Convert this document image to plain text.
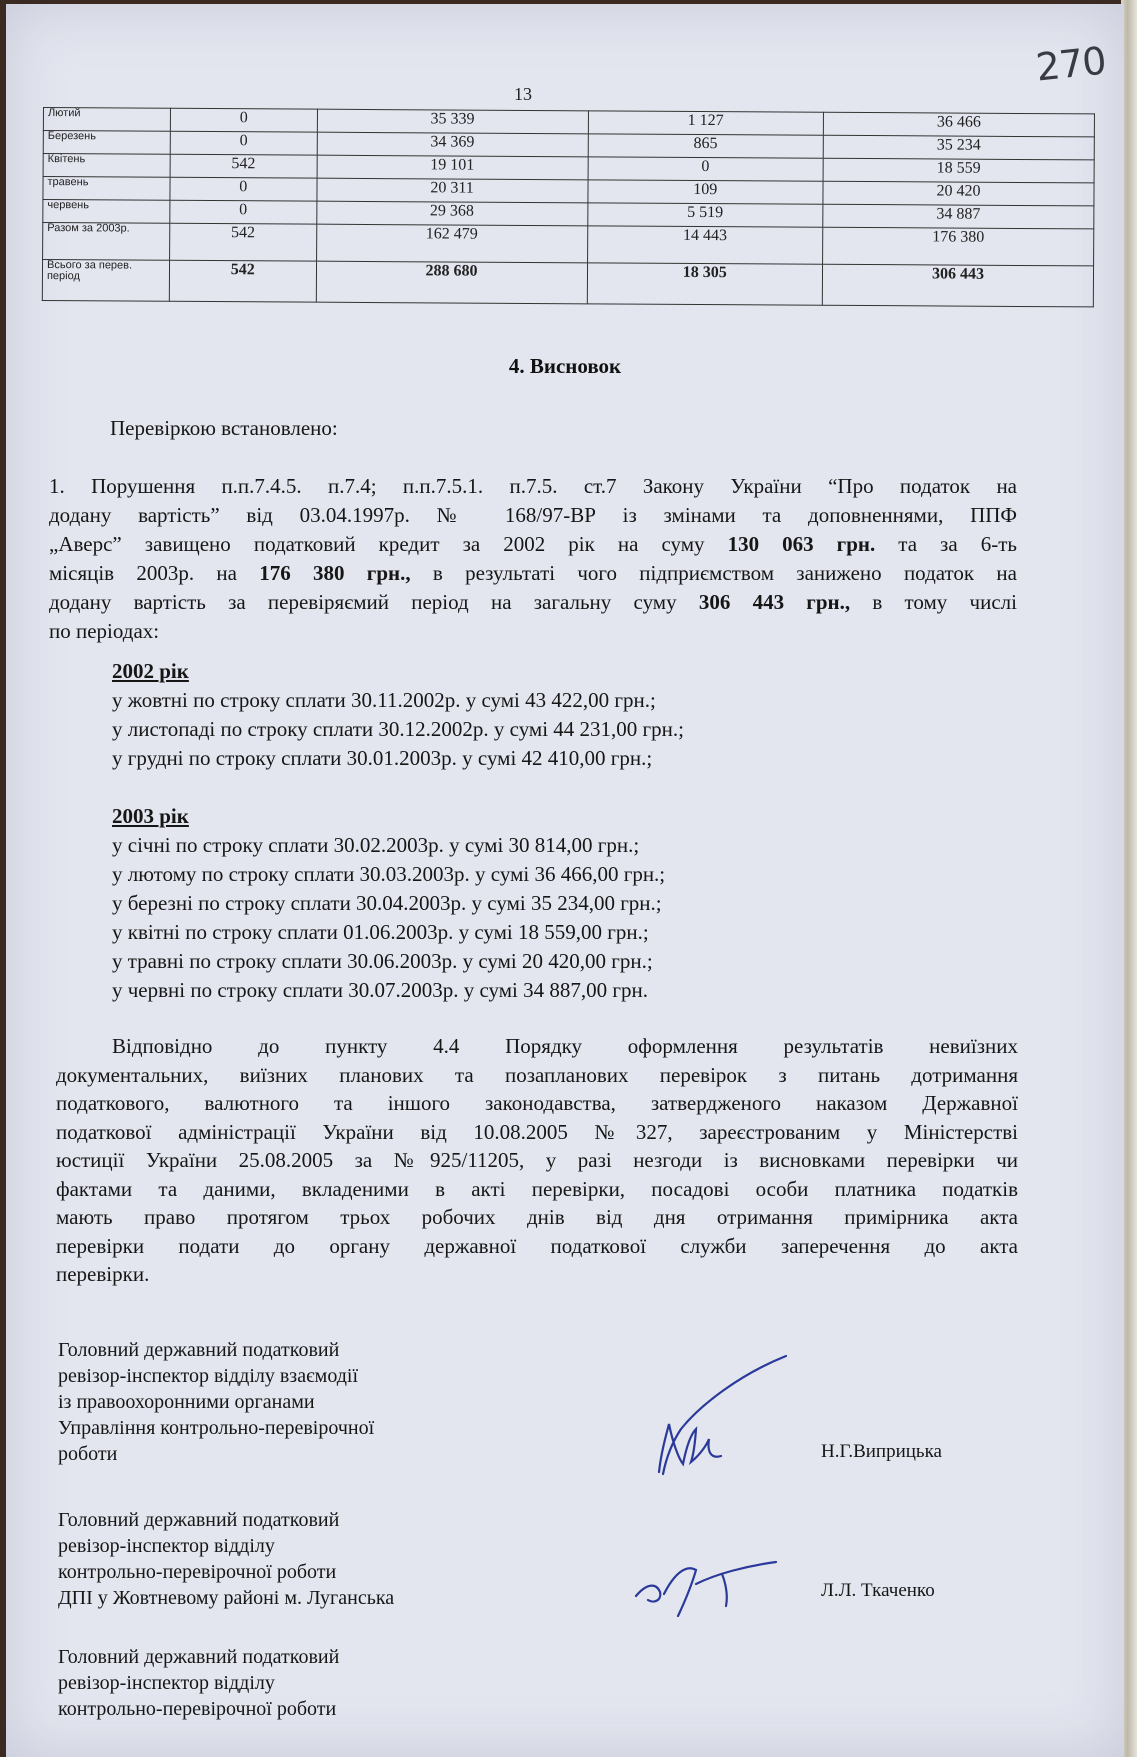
270
13
Лютий	0	35 339	1 127	36 466
Березень	0	34 369	865	35 234
Квітень	542	19 101	0	18 559
травень	0	20 311	109	20 420
червень	0	29 368	5 519	34 887
Разом за 2003р.	542	162 479	14 443	176 380
Всього за перев. період	542	288 680	18 305	306 443
4. Висновок
Перевіркою встановлено:

1. Порушення п.п.7.4.5. п.7.4; п.п.7.5.1. п.7.5. ст.7 Закону України “Про податок на

додану вартість” від 03.04.1997р. № 168/97-ВР із змінами та доповненнями, ППФ

„Аверс” завищено податковий кредит за 2002 рік на суму 130 063 грн. та за 6-ть

місяців 2003р. на 176 380 грн., в результаті чого підприємством занижено податок на

додану вартість за перевіряємий період на загальну суму 306 443 грн., в тому числі

по періодах:

2002 рік
у жовтні по строку сплати 30.11.2002р. у сумі 43 422,00 грн.;
у листопаді по строку сплати 30.12.2002р. у сумі 44 231,00 грн.;
у грудні по строку сплати 30.01.2003р. у сумі 42 410,00 грн.;
2003 рік
у січні по строку сплати 30.02.2003р. у сумі 30 814,00 грн.;
у лютому по строку сплати 30.03.2003р. у сумі 36 466,00 грн.;
у березні по строку сплати 30.04.2003р. у сумі 35 234,00 грн.;
у квітні по строку сплати 01.06.2003р. у сумі 18 559,00 грн.;
у травні по строку сплати 30.06.2003р. у сумі 20 420,00 грн.;
у червні по строку сплати 30.07.2003р. у сумі 34 887,00 грн.

Відповідно до пункту 4.4 Порядку оформлення результатів невиїзних

документальних, виїзних планових та позапланових перевірок з питань дотримання

податкового, валютного та іншого законодавства, затвердженого наказом Державної

податкової адміністрації України від 10.08.2005 №327, зареєстрованим у Міністерстві

юстиції України 25.08.2005 за №925/11205, у разі незгоди із висновками перевірки чи

фактами та даними, вкладеними в акті перевірки, посадові особи платника податків

мають право протягом трьох робочих днів від дня отримання примірника акта

перевірки подати до органу державної податкової служби заперечення до акта

перевірки.

Головний державний податковий
ревізор-інспектор відділу взаємодії
із правоохоронними органами
Управління контрольно-перевірочної
роботи	Н.Г.Виприцька
Головний державний податковий
ревізор-інспектор відділу
контрольно-перевірочної роботи
ДПІ у Жовтневому районі м. Луганська	Л.Л. Ткаченко
Головний державний податковий
ревізор-інспектор відділу
контрольно-перевірочної роботи
